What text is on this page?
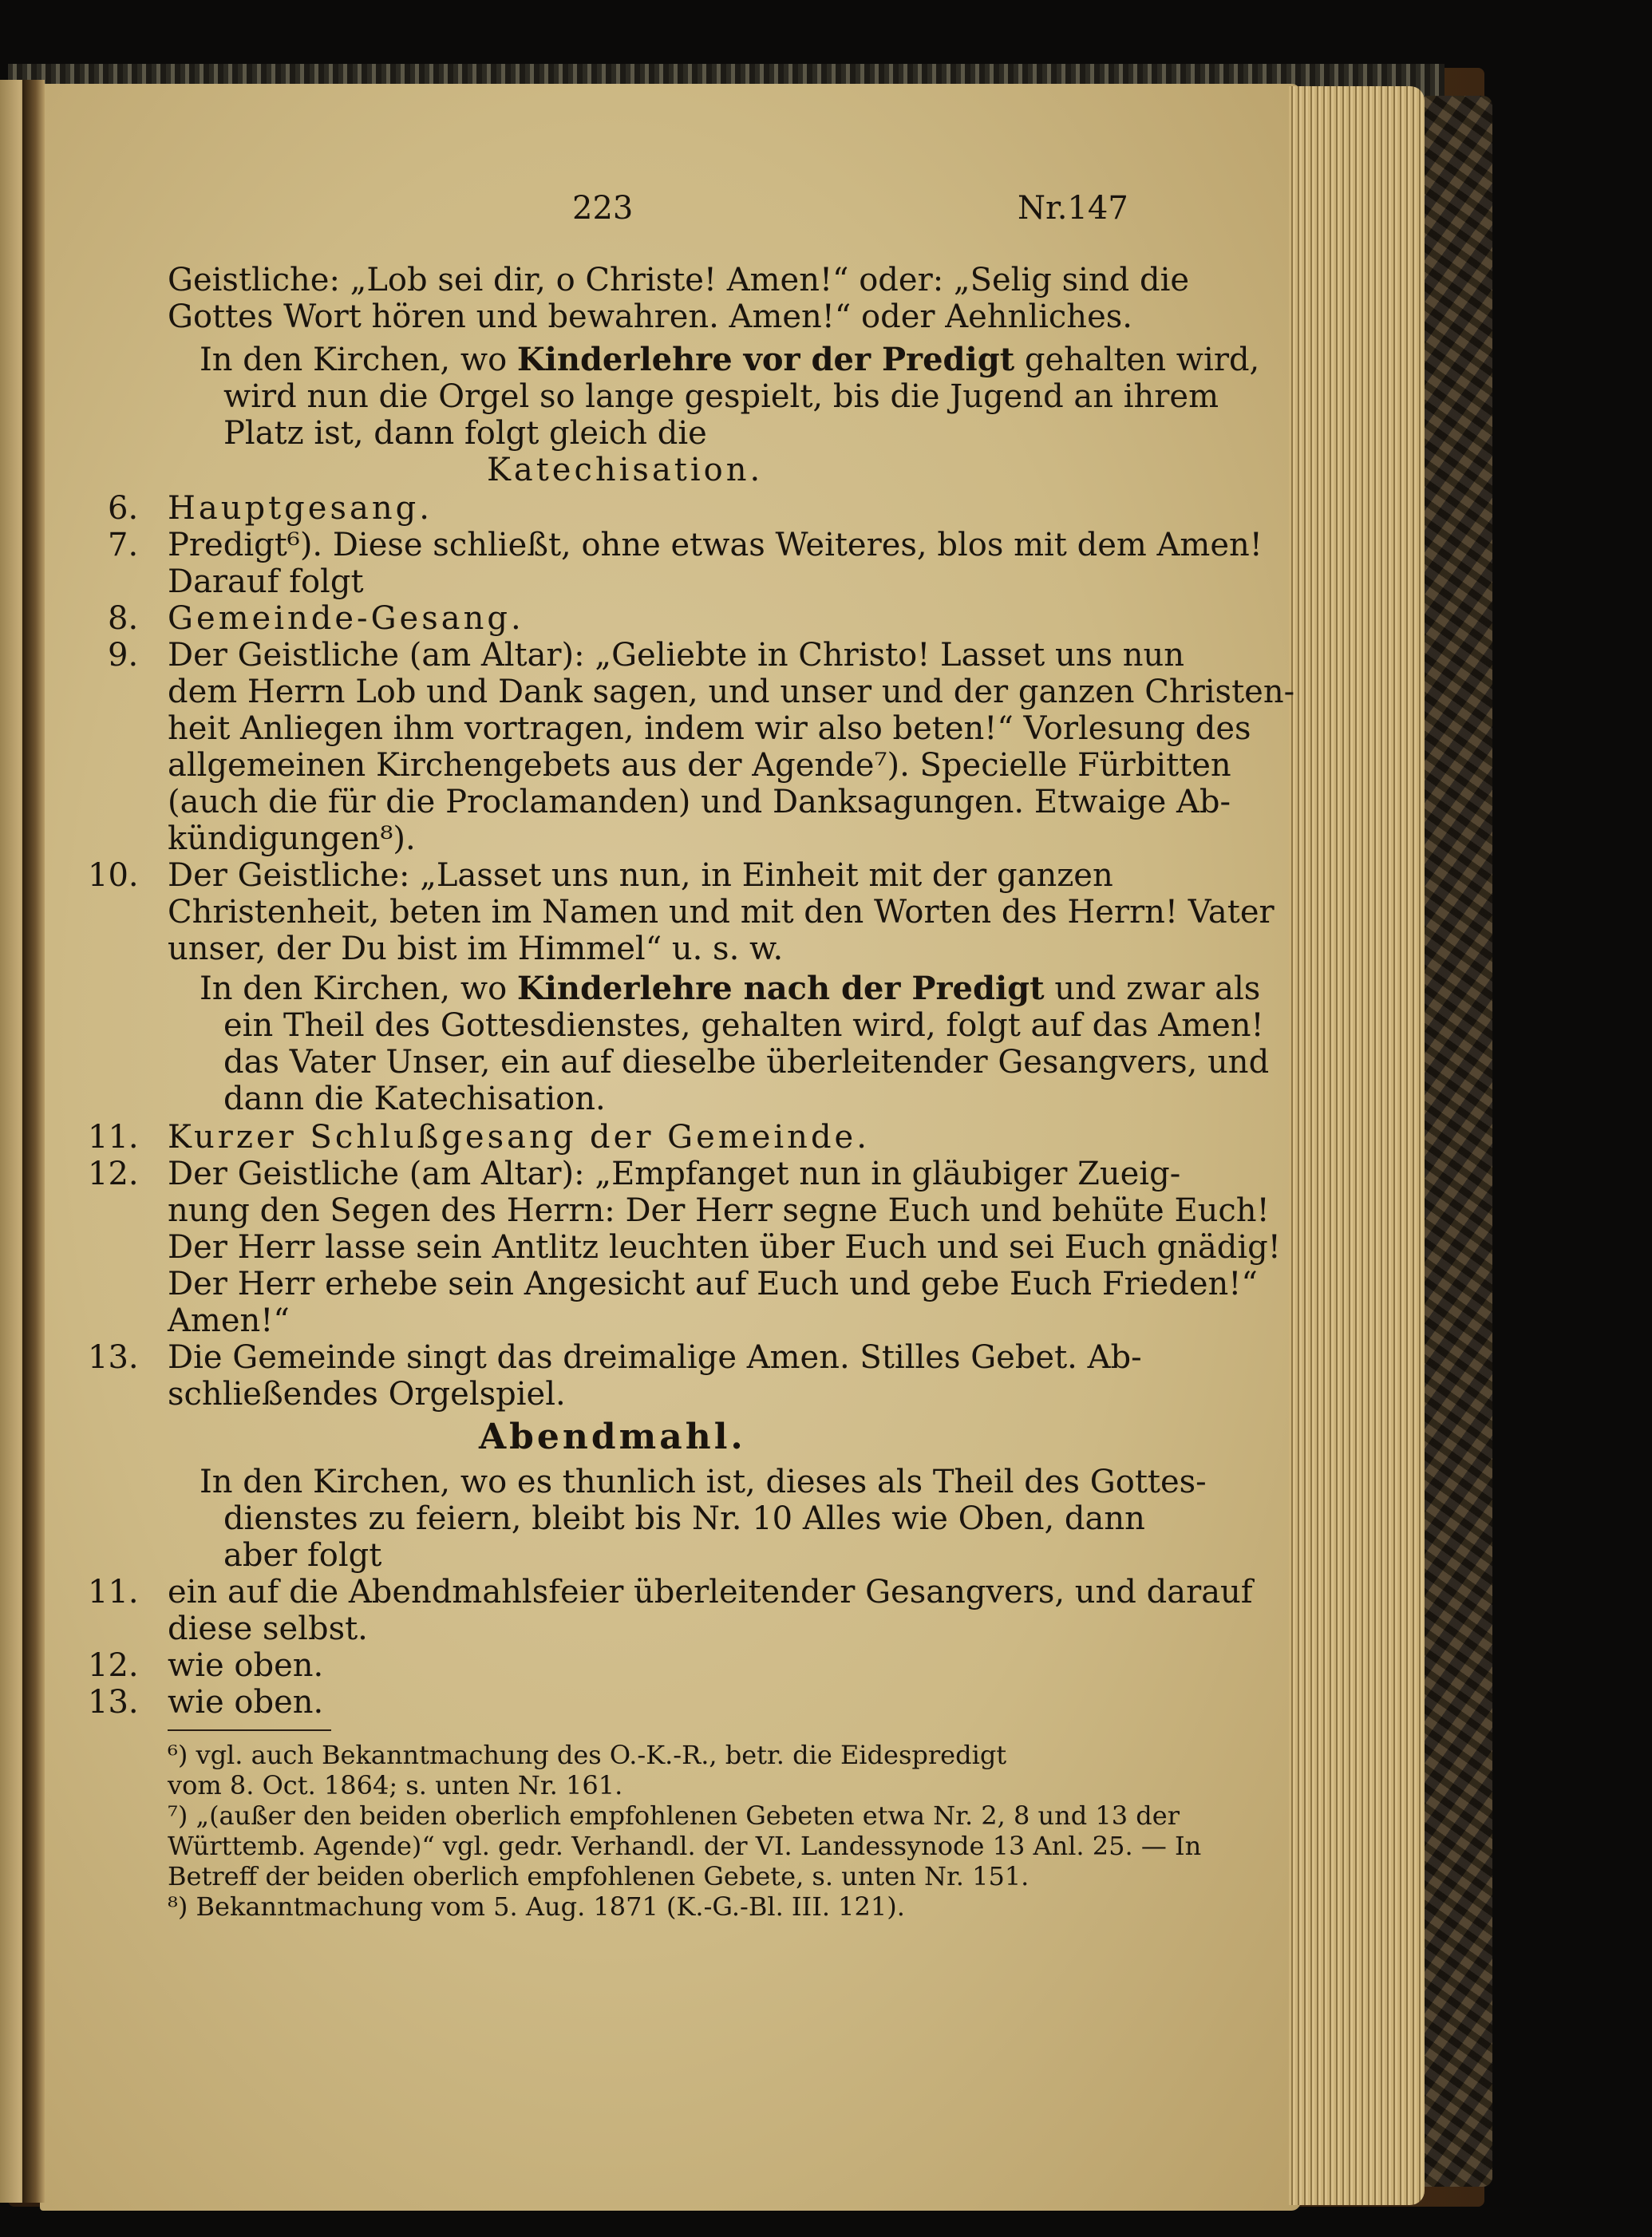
223	Nr.147
Geistliche: „Lob sei dir, o Christe! Amen!“ oder: „Selig sind die
Gottes Wort hören und bewahren. Amen!“ oder Aehnliches.
In den Kirchen, wo Kinderlehre vor der Predigt gehalten wird,
wird nun die Orgel so lange gespielt, bis die Jugend an ihrem
Platz ist, dann folgt gleich die
Katechisation.
6. Hauptgesang.
7. Predigt⁶). Diese schließt, ohne etwas Weiteres, blos mit dem Amen!
Darauf folgt
8. Gemeinde-Gesang.
9. Der Geistliche (am Altar): „Geliebte in Christo! Lasset uns nun
dem Herrn Lob und Dank sagen, und unser und der ganzen Christen-
heit Anliegen ihm vortragen, indem wir also beten!“ Vorlesung des
allgemeinen Kirchengebets aus der Agende⁷). Specielle Fürbitten
(auch die für die Proclamanden) und Danksagungen. Etwaige Ab-
kündigungen⁸).
10. Der Geistliche: „Lasset uns nun, in Einheit mit der ganzen
Christenheit, beten im Namen und mit den Worten des Herrn! Vater
unser, der Du bist im Himmel“ u. s. w.
In den Kirchen, wo Kinderlehre nach der Predigt und zwar als
ein Theil des Gottesdienstes, gehalten wird, folgt auf das Amen!
das Vater Unser, ein auf dieselbe überleitender Gesangvers, und
dann die Katechisation.
11. Kurzer Schlußgesang der Gemeinde.
12. Der Geistliche (am Altar): „Empfanget nun in gläubiger Zueig-
nung den Segen des Herrn: Der Herr segne Euch und behüte Euch!
Der Herr lasse sein Antlitz leuchten über Euch und sei Euch gnädig!
Der Herr erhebe sein Angesicht auf Euch und gebe Euch Frieden!“
Amen!“
13. Die Gemeinde singt das dreimalige Amen. Stilles Gebet. Ab-
schließendes Orgelspiel.
Abendmahl.
In den Kirchen, wo es thunlich ist, dieses als Theil des Gottes-
dienstes zu feiern, bleibt bis Nr. 10 Alles wie Oben, dann
aber folgt
11. ein auf die Abendmahlsfeier überleitender Gesangvers, und darauf
diese selbst.
12. wie oben.
13. wie oben.
⁶) vgl. auch Bekanntmachung des O.-K.-R., betr. die Eidespredigt
vom 8. Oct. 1864; s. unten Nr. 161.
⁷) „(außer den beiden oberlich empfohlenen Gebeten etwa Nr. 2, 8 und 13 der
Württemb. Agende)“ vgl. gedr. Verhandl. der VI. Landessynode 13 Anl. 25. — In
Betreff der beiden oberlich empfohlenen Gebete, s. unten Nr. 151.
⁸) Bekanntmachung vom 5. Aug. 1871 (K.-G.-Bl. III. 121).
